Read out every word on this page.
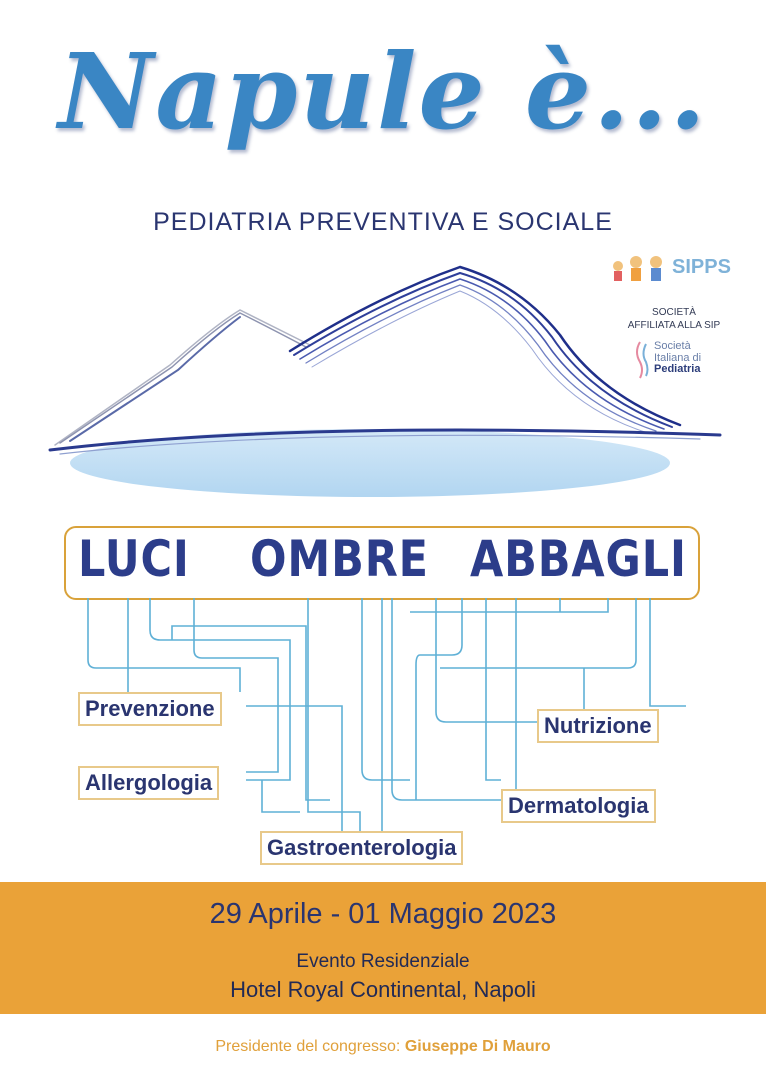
Napule è...
PEDIATRIA PREVENTIVA E SOCIALE
SIPPS
SOCIETÀ
AFFILIATA ALLA SIP
Società
Italiana di
Pediatria
LUCI OMBRE ABBAGLI
Prevenzione
Nutrizione
Allergologia
Dermatologia
Gastroenterologia
29 Aprile - 01 Maggio 2023
Evento Residenziale
Hotel Royal Continental, Napoli
Presidente del congresso: Giuseppe Di Mauro
